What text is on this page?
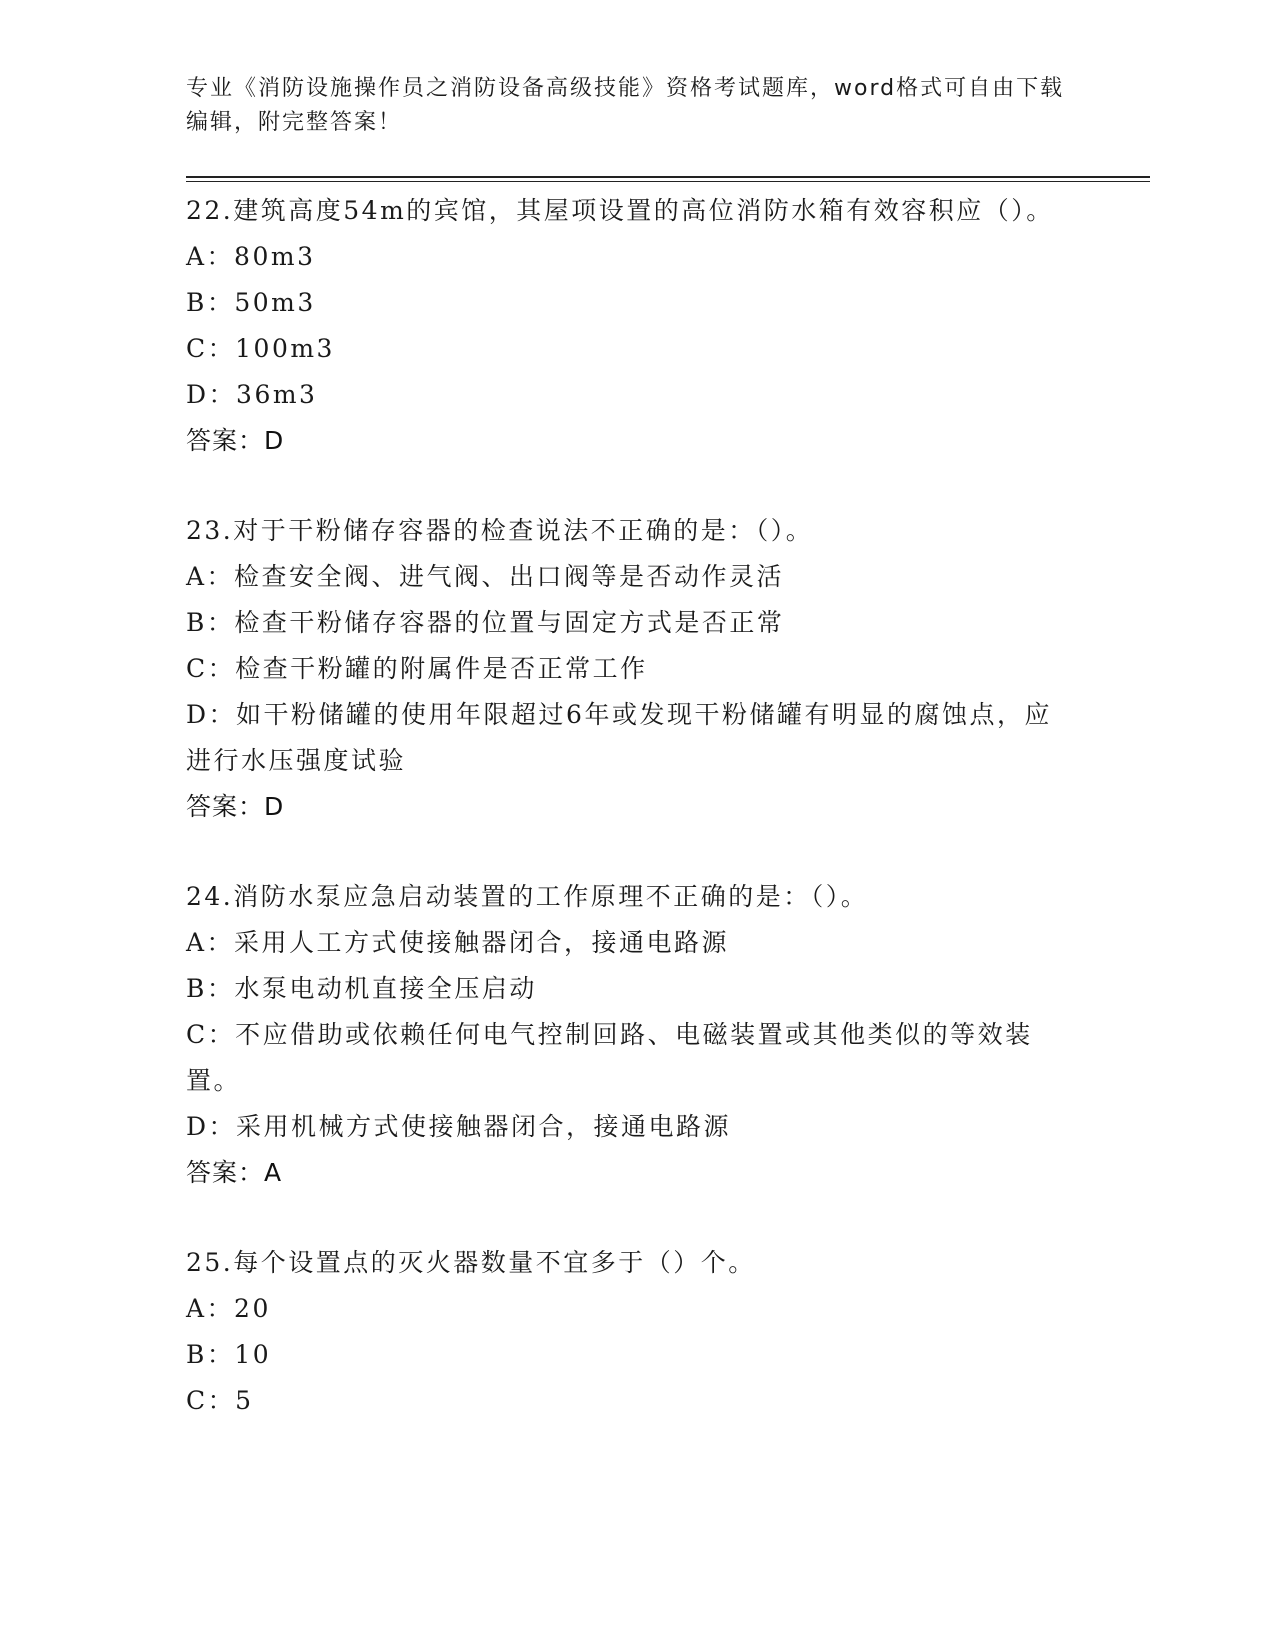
专业《消防设施操作员之消防设备高级技能》资格考试题库，word格式可自由下载编辑，附完整答案！

22.建筑高度54m的宾馆，其屋项设置的高位消防水箱有效容积应（）。

A：80m3

B：50m3

C：100m3

D：36m3

答案：D

23.对于干粉储存容器的检查说法不正确的是：（）。

A：检查安全阀、进气阀、出口阀等是否动作灵活

B：检查干粉储存容器的位置与固定方式是否正常

C：检查干粉罐的附属件是否正常工作

D：如干粉储罐的使用年限超过6年或发现干粉储罐有明显的腐蚀点，应进行水压强度试验

答案：D

24.消防水泵应急启动装置的工作原理不正确的是：（）。

A：采用人工方式使接触器闭合，接通电路源

B：水泵电动机直接全压启动

C：不应借助或依赖任何电气控制回路、电磁装置或其他类似的等效装置。

D：采用机械方式使接触器闭合，接通电路源

答案：A

25.每个设置点的灭火器数量不宜多于（）个。

A：20

B：10

C：5
